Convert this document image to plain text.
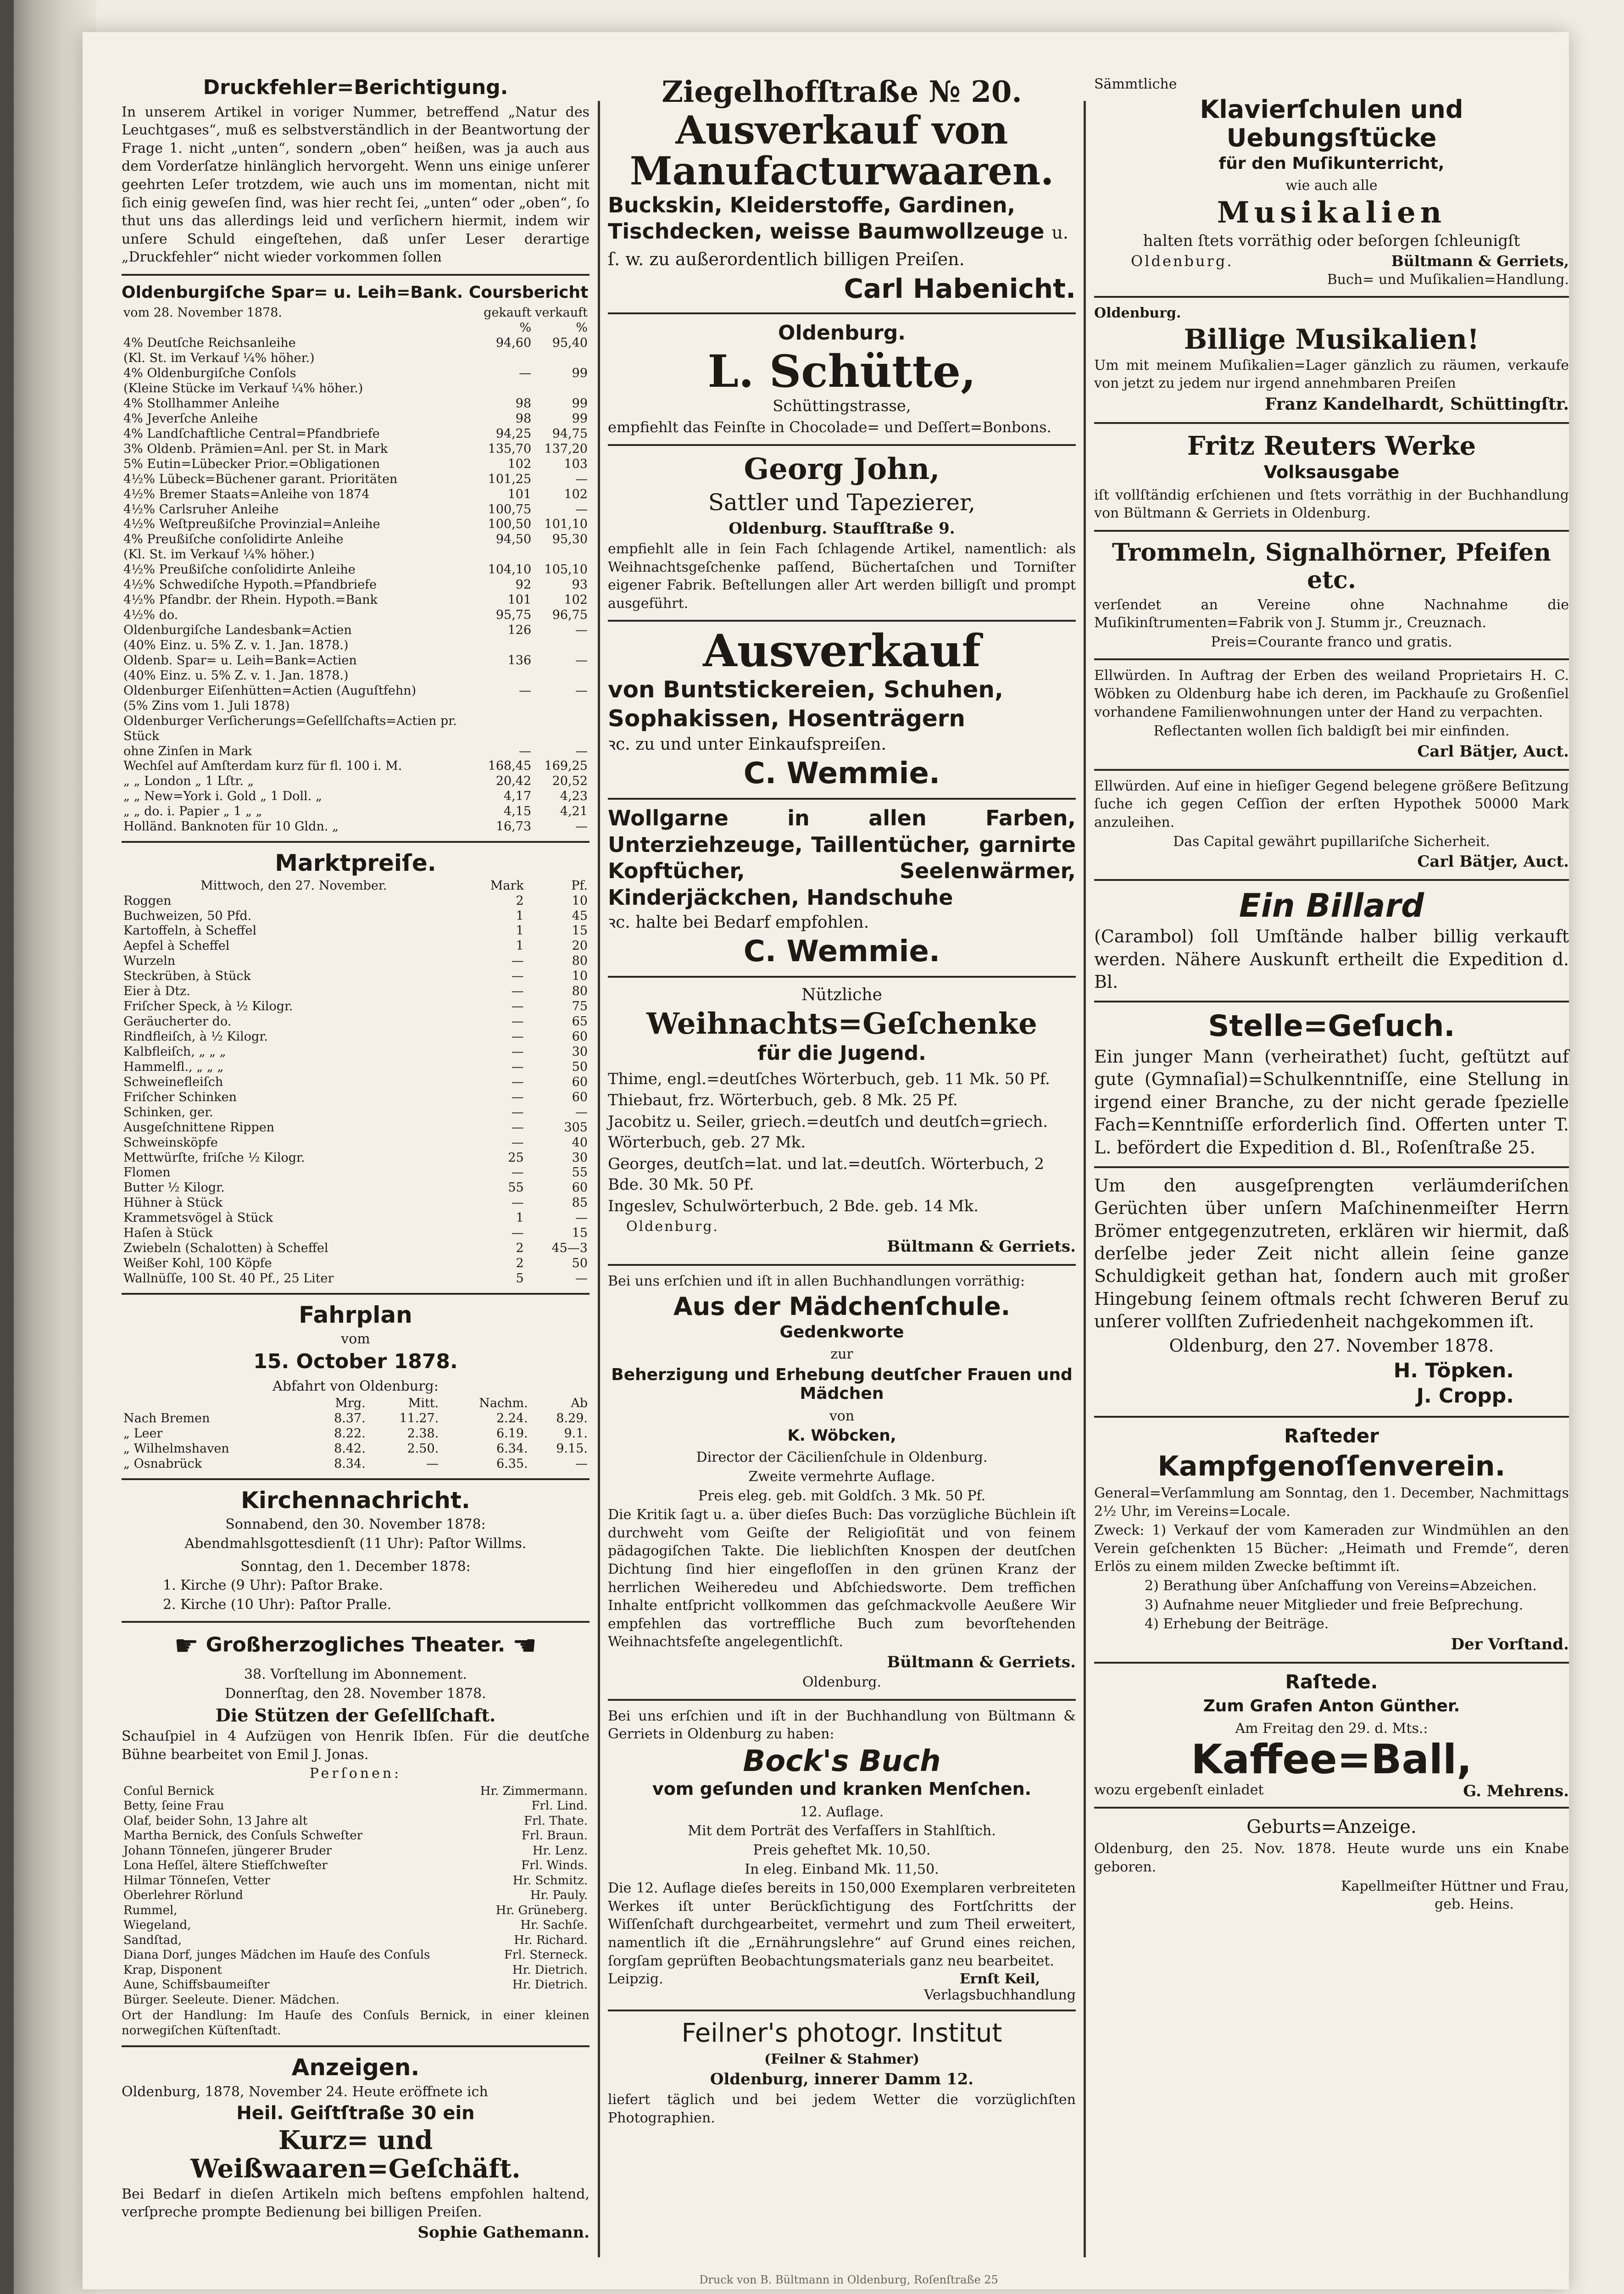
Druckfehler=Berichtigung.
In unserem Artikel in voriger Nummer, betreffend „Natur des Leuchtgases“, muß es selbstverständlich in der Beantwortung der Frage 1. nicht „unten“, sondern „oben“ heißen, was ja auch aus dem Vorderſatze hinlänglich hervorgeht. Wenn uns einige unſerer geehrten Leſer trotzdem, wie auch uns im momentan, nicht mit ſich einig geweſen ſind, was hier recht ſei, „unten“ oder „oben“, ſo thut uns das allerdings leid und verſichern hiermit, indem wir unſere Schuld eingeſtehen, daß unſer Leser derartige „Druckfehler“ nicht wieder vorkommen ſollen
Oldenburgiſche Spar= u. Leih=Bank. Coursbericht
vom 28. November 1878.	gekauft	verkauft
	%	%
4% Deutſche Reichsanleihe	94,60	95,40
(Kl. St. im Verkauf ¼% höher.)		
4% Oldenburgiſche Conſols	—	99
(Kleine Stücke im Verkauf ¼% höher.)		
4% Stollhammer Anleihe	98	99
4% Jeverſche Anleihe	98	99
4% Landſchaftliche Central=Pfandbriefe	94,25	94,75
3% Oldenb. Prämien=Anl. per St. in Mark	135,70	137,20
5% Eutin=Lübecker Prior.=Obligationen	102	103
4½% Lübeck=Büchener garant. Prioritäten	101,25	—
4½% Bremer Staats=Anleihe von 1874	101	102
4½% Carlsruher Anleihe	100,75	—
4½% Weſtpreußiſche Provinzial=Anleihe	100,50	101,10
4% Preußiſche conſolidirte Anleihe	94,50	95,30
(Kl. St. im Verkauf ¼% höher.)		
4½% Preußiſche conſolidirte Anleihe	104,10	105,10
4½% Schwediſche Hypoth.=Pfandbriefe	92	93
4½% Pfandbr. der Rhein. Hypoth.=Bank	101	102
4½% do.	95,75	96,75
Oldenburgiſche Landesbank=Actien	126	—
(40% Einz. u. 5% Z. v. 1. Jan. 1878.)		
Oldenb. Spar= u. Leih=Bank=Actien	136	—
(40% Einz. u. 5% Z. v. 1. Jan. 1878.)		
Oldenburger Eiſenhütten=Actien (Auguſtfehn)	—	—
(5% Zins vom 1. Juli 1878)		
Oldenburger Verſicherungs=Geſellſchafts=Actien pr. Stück		
ohne Zinſen in Mark	—	—
Wechſel auf Amſterdam kurz für fl. 100 i. M.	168,45	169,25
„ „ London „ 1 Lſtr. „	20,42	20,52
„ „ New=York i. Gold „ 1 Doll. „	4,17	4,23
„ „ do. i. Papier „ 1 „ „	4,15	4,21
Holländ. Banknoten für 10 Gldn. „	16,73	—
Marktpreiſe.
Mittwoch, den 27. November.	Mark	Pf.
Roggen	2	10
Buchweizen, 50 Pfd.	1	45
Kartoffeln, à Scheffel	1	15
Aepfel à Scheffel	1	20
Wurzeln	—	80
Steckrüben, à Stück	—	10
Eier à Dtz.	—	80
Friſcher Speck, à ½ Kilogr.	—	75
Geräucherter do.	—	65
Rindfleiſch, à ½ Kilogr.	—	60
Kalbfleiſch, „ „ „	—	30
Hammelfl., „ „ „	—	50
Schweinefleiſch	—	60
Friſcher Schinken	—	60
Schinken, ger.	—	—
Ausgeſchnittene Rippen	—	305
Schweinsköpfe	—	40
Mettwürſte, friſche ½ Kilogr.	25	30
Flomen	—	55
Butter ½ Kilogr.	55	60
Hühner à Stück	—	85
Krammetsvögel à Stück	1	—
Haſen à Stück	—	15
Zwiebeln (Schalotten) à Scheffel	2	45—3
Weißer Kohl, 100 Köpfe	2	50
Wallnüſſe, 100 St. 40 Pf., 25 Liter	5	—
Fahrplan
vom
15. October 1878.
Abfahrt von Oldenburg:
	Mrg.	Mitt.	Nachm.	Ab
Nach Bremen	8.37.	11.27.	2.24.	8.29.
„ Leer	8.22.	2.38.	6.19.	9.1.
„ Wilhelmshaven	8.42.	2.50.	6.34.	9.15.
„ Osnabrück	8.34.	—	6.35.	—
Kirchennachricht.
Sonnabend, den 30. November 1878:
Abendmahlsgottesdienſt (11 Uhr): Paſtor Willms.
Sonntag, den 1. December 1878:
1. Kirche (9 Uhr): Paſtor Brake.
2. Kirche (10 Uhr): Paſtor Pralle.
☛ Großherzogliches Theater. ☚
38. Vorſtellung im Abonnement.
Donnerſtag, den 28. November 1878.
Die Stützen der Geſellſchaft.
Schauſpiel in 4 Aufzügen von Henrik Ibſen. Für die deutſche Bühne bearbeitet von Emil J. Jonas.
Perſonen:
Conſul Bernick	Hr. Zimmermann.
Betty, ſeine Frau	Frl. Lind.
Olaf, beider Sohn, 13 Jahre alt	Frl. Thate.
Martha Bernick, des Conſuls Schweſter	Frl. Braun.
Johann Tönneſen, jüngerer Bruder	Hr. Lenz.
Lona Heſſel, ältere Stiefſchweſter	Frl. Winds.
Hilmar Tönneſen, Vetter	Hr. Schmitz.
Oberlehrer Rörlund	Hr. Pauly.
Rummel,	Hr. Grüneberg.
Wiegeland,	Hr. Sachſe.
Sandſtad,	Hr. Richard.
Diana Dorf, junges Mädchen im Hauſe des Conſuls	Frl. Sterneck.
Krap, Disponent	Hr. Dietrich.
Aune, Schiffsbaumeiſter	Hr. Dietrich.
Bürger. Seeleute. Diener. Mädchen.	
Ort der Handlung: Im Hauſe des Conſuls Bernick, in einer kleinen norwegiſchen Küſtenſtadt.
Anzeigen.
Oldenburg, 1878, November 24. Heute eröffnete ich
Heil. Geiſtſtraße 30 ein
Kurz= und Weißwaaren=Geſchäft.
Bei Bedarf in dieſen Artikeln mich beſtens empfohlen haltend, verſpreche prompte Bedienung bei billigen Preiſen.
Sophie Gathemann.
Ziegelhofſtraße № 20.
Ausverkauf von Manufacturwaaren.
Buckskin, Kleiderstoffe, Gardinen, Tischdecken, weisse Baumwollzeuge u. ſ. w. zu außerordentlich billigen Preiſen.
Carl Habenicht.
Oldenburg.
L. Schütte,
Schüttingstrasse,
empfiehlt das Feinſte in Chocolade= und Deſſert=Bonbons.
Georg John,
Sattler und Tapezierer,
Oldenburg. Staufſtraße 9.
empfiehlt alle in ſein Fach ſchlagende Artikel, namentlich: als Weihnachtsgeſchenke paſſend, Büchertaſchen und Torniſter eigener Fabrik. Beſtellungen aller Art werden billigſt und prompt ausgeführt.
Ausverkauf
von Buntstickereien, Schuhen, Sophakissen, Hosenträgern
ꝛc. zu und unter Einkaufspreiſen.
C. Wemmie.
Wollgarne in allen Farben, Unterziehzeuge, Taillentücher, garnirte Kopftücher, Seelenwärmer, Kinderjäckchen, Handschuhe
ꝛc. halte bei Bedarf empfohlen.
C. Wemmie.
Nützliche
Weihnachts=Geſchenke
für die Jugend.
Thime, engl.=deutſches Wörterbuch, geb. 11 Mk. 50 Pf.
Thiebaut, frz. Wörterbuch, geb. 8 Mk. 25 Pf.
Jacobitz u. Seiler, griech.=deutſch und deutſch=griech. Wörterbuch, geb. 27 Mk.
Georges, deutſch=lat. und lat.=deutſch. Wörterbuch, 2 Bde. 30 Mk. 50 Pf.
Ingeslev, Schulwörterbuch, 2 Bde. geb. 14 Mk.
Oldenburg.
Bültmann & Gerriets.
Bei uns erſchien und iſt in allen Buchhandlungen vorräthig:
Aus der Mädchenſchule.
Gedenkworte
zur
Beherzigung und Erhebung deutſcher Frauen und Mädchen
von
K. Wöbcken,
Director der Cäcilienſchule in Oldenburg.
Zweite vermehrte Auflage.
Preis eleg. geb. mit Goldſch. 3 Mk. 50 Pf.
Die Kritik ſagt u. a. über dieſes Buch: Das vorzügliche Büchlein iſt durchweht vom Geiſte der Religioſität und von feinem pädagogiſchen Takte. Die lieblichſten Knospen der deutſchen Dichtung ſind hier eingefloſſen in den grünen Kranz der herrlichen Weiheredeu und Abſchiedsworte. Dem treffichen Inhalte entſpricht vollkommen das geſchmackvolle Aeußere Wir empfehlen das vortreffliche Buch zum bevorſtehenden Weihnachtsfeſte angelegentlichſt.
Bültmann & Gerriets.
Oldenburg.
Bei uns erſchien und iſt in der Buchhandlung von Bültmann & Gerriets in Oldenburg zu haben:
Bock's Buch
vom geſunden und kranken Menſchen.
12. Auflage.
Mit dem Porträt des Verfaſſers in Stahlſtich.
Preis geheftet Mk. 10,50.
In eleg. Einband Mk. 11,50.
Die 12. Auflage dieſes bereits in 150,000 Exemplaren verbreiteten Werkes iſt unter Berückſichtigung des Fortſchritts der Wiſſenſchaft durchgearbeitet, vermehrt und zum Theil erweitert, namentlich iſt die „Ernährungslehre“ auf Grund eines reichen, ſorgſam geprüften Beobachtungsmaterials ganz neu bearbeitet.
Leipzig.	Ernſt Keil,
Verlagsbuchhandlung
Feilner's photogr. Institut
(Feilner & Stahmer)
Oldenburg, innerer Damm 12.
liefert täglich und bei jedem Wetter die vorzüglichſten Photographien.
Sämmtliche
Klavierſchulen und Uebungsſtücke
für den Muſikunterricht,
wie auch alle
Musikalien
halten ſtets vorräthig oder beſorgen ſchleunigſt
Oldenburg.	Bültmann & Gerriets,
Buch= und Muſikalien=Handlung.
Oldenburg.
Billige Musikalien!
Um mit meinem Muſikalien=Lager gänzlich zu räumen, verkaufe von jetzt zu jedem nur irgend annehmbaren Preiſen
Franz Kandelhardt, Schüttingſtr.
Fritz Reuters Werke
Volksausgabe
iſt vollſtändig erſchienen und ſtets vorräthig in der Buchhandlung von Bültmann & Gerriets in Oldenburg.
Trommeln, Signalhörner, Pfeifen etc.
verſendet an Vereine ohne Nachnahme die Muſikinſtrumenten=Fabrik von J. Stumm jr., Creuznach.
Preis=Courante franco und gratis.
Ellwürden. In Auftrag der Erben des weiland Proprietairs H. C. Wöbken zu Oldenburg habe ich deren, im Packhauſe zu Großenſiel vorhandene Familienwohnungen unter der Hand zu verpachten.
Reflectanten wollen ſich baldigſt bei mir einfinden.
Carl Bätjer, Auct.
Ellwürden. Auf eine in hieſiger Gegend belegene größere Beſitzung ſuche ich gegen Ceſſion der erſten Hypothek 50000 Mark anzuleihen.
Das Capital gewährt pupillariſche Sicherheit.
Carl Bätjer, Auct.
Ein Billard
(Carambol) ſoll Umſtände halber billig verkauft werden. Nähere Auskunft ertheilt die Expedition d. Bl.
Stelle=Geſuch.
Ein junger Mann (verheirathet) ſucht, geſtützt auf gute (Gymnaſial)=Schulkenntniſſe, eine Stellung in irgend einer Branche, zu der nicht gerade ſpezielle Fach=Kenntniſſe erforderlich ſind. Offerten unter T. L. befördert die Expedition d. Bl., Roſenſtraße 25.
Um den ausgeſprengten verläumderiſchen Gerüchten über unſern Maſchinenmeiſter Herrn Brömer entgegenzutreten, erklären wir hiermit, daß derſelbe jeder Zeit nicht allein ſeine ganze Schuldigkeit gethan hat, ſondern auch mit großer Hingebung ſeinem oftmals recht ſchweren Beruf zu unſerer vollſten Zufriedenheit nachgekommen iſt.
Oldenburg, den 27. November 1878.
H. Töpken.
J. Cropp.
Raſteder
Kampfgenoſſenverein.
General=Verſammlung am Sonntag, den 1. December, Nachmittags 2½ Uhr, im Vereins=Locale.
Zweck: 1) Verkauf der vom Kameraden zur Windmühlen an den Verein geſchenkten 15 Bücher: „Heimath und Fremde“, deren Erlös zu einem milden Zwecke beſtimmt iſt.
2) Berathung über Anſchaffung von Vereins=Abzeichen.
3) Aufnahme neuer Mitglieder und freie Beſprechung.
4) Erhebung der Beiträge.
Der Vorſtand.
Raſtede.
Zum Grafen Anton Günther.
Am Freitag den 29. d. Mts.:
Kaffee=Ball,
wozu ergebenſt einladet	G. Mehrens.
Geburts=Anzeige.
Oldenburg, den 25. Nov. 1878. Heute wurde uns ein Knabe geboren.
Kapellmeiſter Hüttner und Frau,
geb. Heins.
Druck von B. Bültmann in Oldenburg, Roſenſtraße 25
